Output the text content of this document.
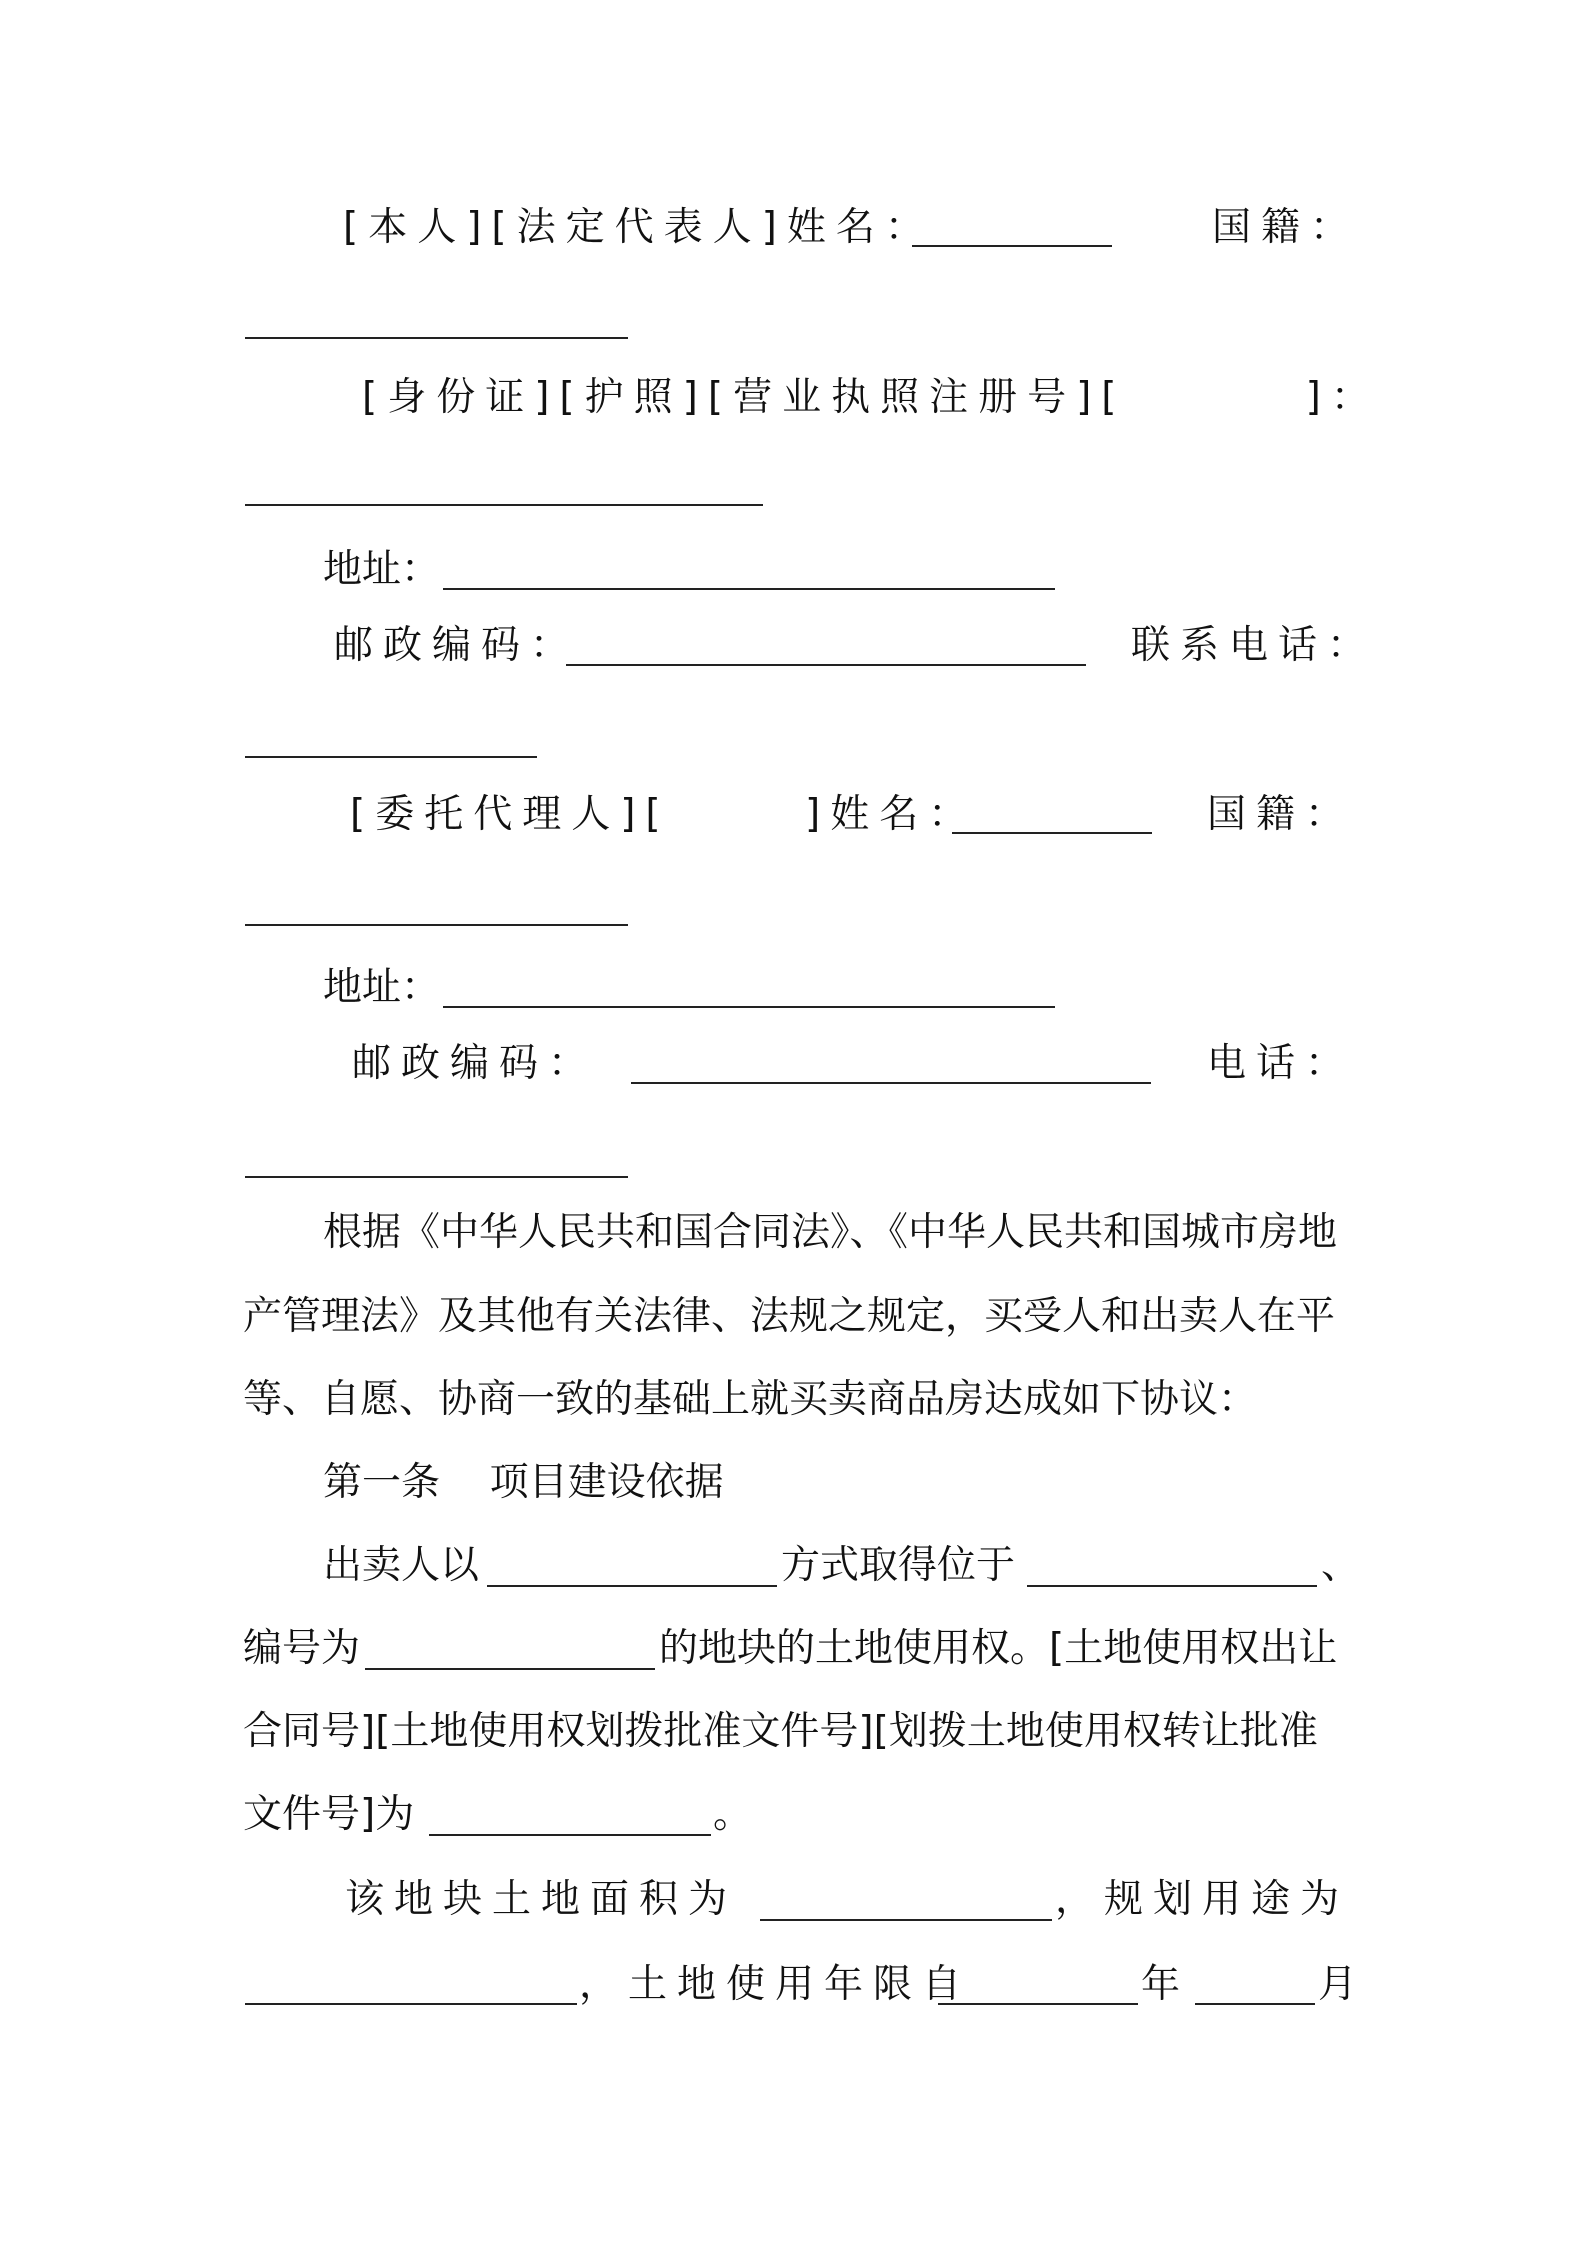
[本人][法定代表人]姓名：	国籍：
[身份证][护照][营业执照注册号][        ]：
地址：
邮政编码：	联系电话：
[委托代理人][      ]姓名：	国籍：
地址：
邮政编码：	电话：
根据《中华人民共和国合同法》、《中华人民共和国城市房地
产管理法》及其他有关法律、法规之规定，买受人和出卖人在平
等、自愿、协商一致的基础上就买卖商品房达成如下协议：
第一条    项目建设依据
出卖人以	方式取得位于	、
编号为	的地块的土地使用权。[土地使用权出让
合同号][土地使用权划拨批准文件号][划拨土地使用权转让批准
文件号]为	。
该地块土地面积为	，规划用途为
，土地使用年限自	年	月
